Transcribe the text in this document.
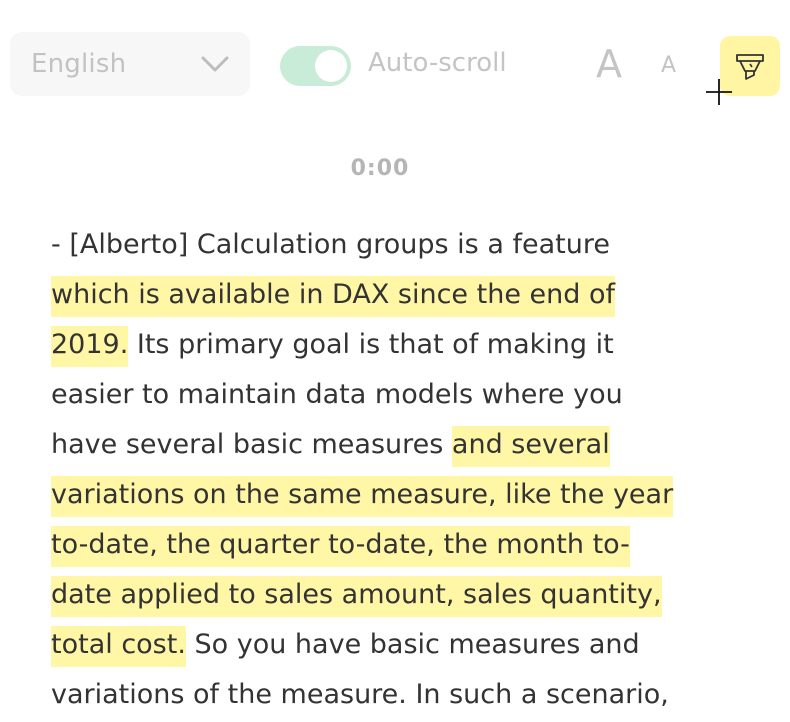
English	Auto-scroll A A
0:00
- [Alberto] Calculation groups is a feature
which is available in DAX since the end of
2019. Its primary goal is that of making it
easier to maintain data models where you
have several basic measures and several
variations on the same measure, like the year
to-date, the quarter to-date, the month to-
date applied to sales amount, sales quantity,
total cost. So you have basic measures and
variations of the measure. In such a scenario,
